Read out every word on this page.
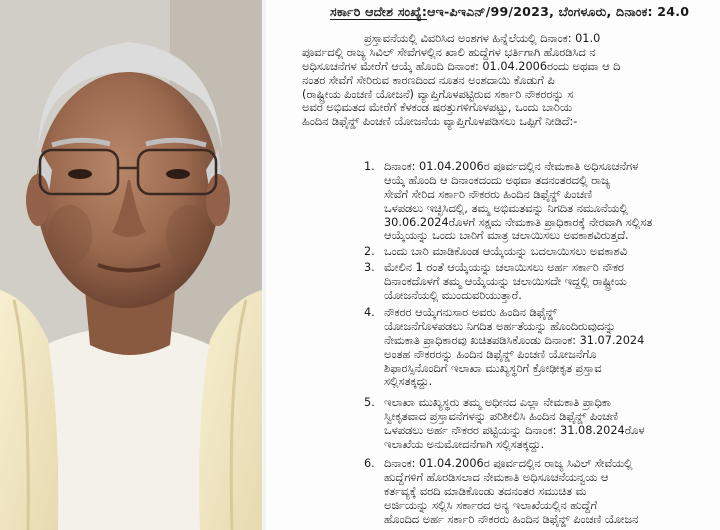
ಸರ್ಕಾರಿ ಆದೇಶ ಸಂಖ್ಯೆ:ಆಇ-ಪಿಇಎನ್/99/2023, ಬೆಂಗಳೂರು, ದಿನಾಂಕ: 24.0
ಪ್ರಸ್ತಾವನೆಯಲ್ಲಿ ವಿವರಿಸಿದ ಅಂಶಗಳ ಹಿನ್ನೆಲೆಯಲ್ಲಿ ದಿನಾಂಕ: 01.0
ಪೂರ್ವದಲ್ಲಿ ರಾಜ್ಯ ಸಿವಿಲ್ ಸೇವೆಗಳಲ್ಲಿನ ಖಾಲಿ ಹುದ್ದೆಗಳ ಭರ್ತಿಗಾಗಿ ಹೊರಡಿಸಿದ ನ
ಅಧಿಸೂಚನೆಗಳ ಮೇರೆಗೆ ಆಯ್ಕೆ ಹೊಂದಿ ದಿನಾಂಕ: 01.04.2006ರಂದು ಅಥವಾ ಆ ದಿ
ನಂತರ ಸೇವೆಗೆ ಸೇರಿರುವ ಕಾರಣದಿಂದ ನೂತನ ಅಂಶದಾಯಿ ಕೊಡುಗೆ ಪಿ
(ರಾಷ್ಟ್ರೀಯ ಪಿಂಚಣಿ ಯೋಜನೆ) ವ್ಯಾಪ್ತಿಗೊಳಪಟ್ಟಿರುವ ಸರ್ಕಾರಿ ನೌಕರರನ್ನು ಸ
ಅವರ ಅಭಿಮತದ ಮೇರೆಗೆ ಕೆಳಕಂಡ ಷರತ್ತುಗಳಿಗೊಳಪಟ್ಟು, ಒಂದು ಬಾರಿಯ
ಹಿಂದಿನ ಡಿಫೈನ್ಡ್ ಪಿಂಚಣಿ ಯೋಜನೆಯ ವ್ಯಾಪ್ತಿಗೊಳಪಡಿಸಲು ಒಪ್ಪಿಗೆ ನೀಡಿದೆ:-
1. ದಿನಾಂಕ: 01.04.2006ರ ಪೂರ್ವದಲ್ಲಿನ ನೇಮಕಾತಿ ಅಧಿಸೂಚನೆಗಳ
ಆಯ್ಕೆ ಹೊಂದಿ ಆ ದಿನಾಂಕದಂದು ಅಥವಾ ತದನಂತರದಲ್ಲಿ ರಾಜ್ಯ
ಸೇವೆಗೆ ಸೇರಿದ ಸರ್ಕಾರಿ ನೌಕರರು ಹಿಂದಿನ ಡಿಫೈನ್ಡ್ ಪಿಂಚಣಿ
ಒಳಪಡಲು ಇಚ್ಛಿಸಿದಲ್ಲಿ, ತಮ್ಮ ಅಭಿಮತವನ್ನು ನಿಗದಿತ ನಮೂನೆಯಲ್ಲಿ
30.06.2024ರೊಳಗೆ ಸಕ್ಷಮ ನೇಮಕಾತಿ ಪ್ರಾಧಿಕಾರಕ್ಕೆ ನೇರವಾಗಿ ಸಲ್ಲಿಸತ
ಆಯ್ಕೆಯನ್ನು ಒಂದು ಬಾರಿಗೆ ಮಾತ್ರ ಚಲಾಯಿಸಲು ಅವಕಾಶವಿರುತ್ತದೆ.
2. ಒಂದು ಬಾರಿ ಮಾಡಿಕೊಂಡ ಆಯ್ಕೆಯನ್ನು ಬದಲಾಯಿಸಲು ಅವಕಾಶವಿ
3. ಮೇಲಿನ 1 ರಂತೆ ಆಯ್ಕೆಯನ್ನು ಚಲಾಯಿಸಲು ಅರ್ಹ ಸರ್ಕಾರಿ ನೌಕರ
ದಿನಾಂಕದೊಳಗೆ ತಮ್ಮ ಆಯ್ಕೆಯನ್ನು ಚಲಾಯಿಸದೇ ಇದ್ದಲ್ಲಿ ರಾಷ್ಟ್ರೀಯ
ಯೋಜನೆಯಲ್ಲಿ ಮುಂದುವರಿಯುತ್ತಾರೆ.
4. ನೌಕರರ ಆಯ್ಕೆಗನುಸಾರ ಅವರು ಹಿಂದಿನ ಡಿಫೈನ್ಡ್
ಯೋಜನೆಗೊಳಪಡಲು ನಿಗದಿತ ಅರ್ಹತೆಯನ್ನು ಹೊಂದಿರುವುದನ್ನು
ನೇಮಕಾತಿ ಪ್ರಾಧಿಕಾರವು ಖಚಿತಪಡಿಸಿಕೊಂಡು ದಿನಾಂಕ: 31.07.2024
ಅಂತಹ ನೌಕರರನ್ನು ಹಿಂದಿನ ಡಿಫೈನ್ಡ್ ಪಿಂಚಣಿ ಯೋಜನೆಗೊ
ಶಿಫಾರಸ್ಸಿನೊಂದಿಗೆ ಇಲಾಖಾ ಮುಖ್ಯಸ್ಥರಿಗೆ ಕ್ರೋಢೀಕೃತ ಪ್ರಸ್ತಾವ
ಸಲ್ಲಿಸತಕ್ಕದ್ದು.
5. ಇಲಾಖಾ ಮುಖ್ಯಸ್ಥರು ತಮ್ಮ ಅಧೀನದ ಎಲ್ಲಾ ನೇಮಕಾತಿ ಪ್ರಾಧಿಕಾ
ಸ್ವೀಕೃತವಾದ ಪ್ರಸ್ತಾವನೆಗಳನ್ನು ಪರಿಶೀಲಿಸಿ ಹಿಂದಿನ ಡಿಫೈನ್ಡ್ ಪಿಂಚಣಿ
ಒಳಪಡಲು ಅರ್ಹ ನೌಕರರ ಪಟ್ಟಿಯನ್ನು ದಿನಾಂಕ: 31.08.2024ರೊಳ
ಇಲಾಖೆಯ ಅನುಮೋದನೆಗಾಗಿ ಸಲ್ಲಿಸತಕ್ಕದ್ದು.
6. ದಿನಾಂಕ: 01.04.2006ರ ಪೂರ್ವದಲ್ಲಿನ ರಾಜ್ಯ ಸಿವಿಲ್ ಸೇವೆಯಲ್ಲಿ
ಹುದ್ದೆಗಳಿಗೆ ಹೊರಡಿಸಲಾದ ನೇಮಕಾತಿ ಅಧಿಸೂಚನೆಯನ್ವಯ ಆ
ಕರ್ತವ್ಯಕ್ಕೆ ವರದಿ ಮಾಡಿಕೊಂಡು ತದನಂತರ ಸಮುಚಿತ ಮ
ಅರ್ಜಿಯನ್ನು ಸಲ್ಲಿಸಿ ಸರ್ಕಾರದ ಅನ್ಯ ಇಲಾಖೆಯಲ್ಲಿನ ಹುದ್ದೆಗೆ
ಹೊಂದಿದ ಅರ್ಹ ಸರ್ಕಾರಿ ನೌಕರರು ಹಿಂದಿನ ಡಿಫೈನ್ಡ್ ಪಿಂಚಣಿ ಯೋಜನ
